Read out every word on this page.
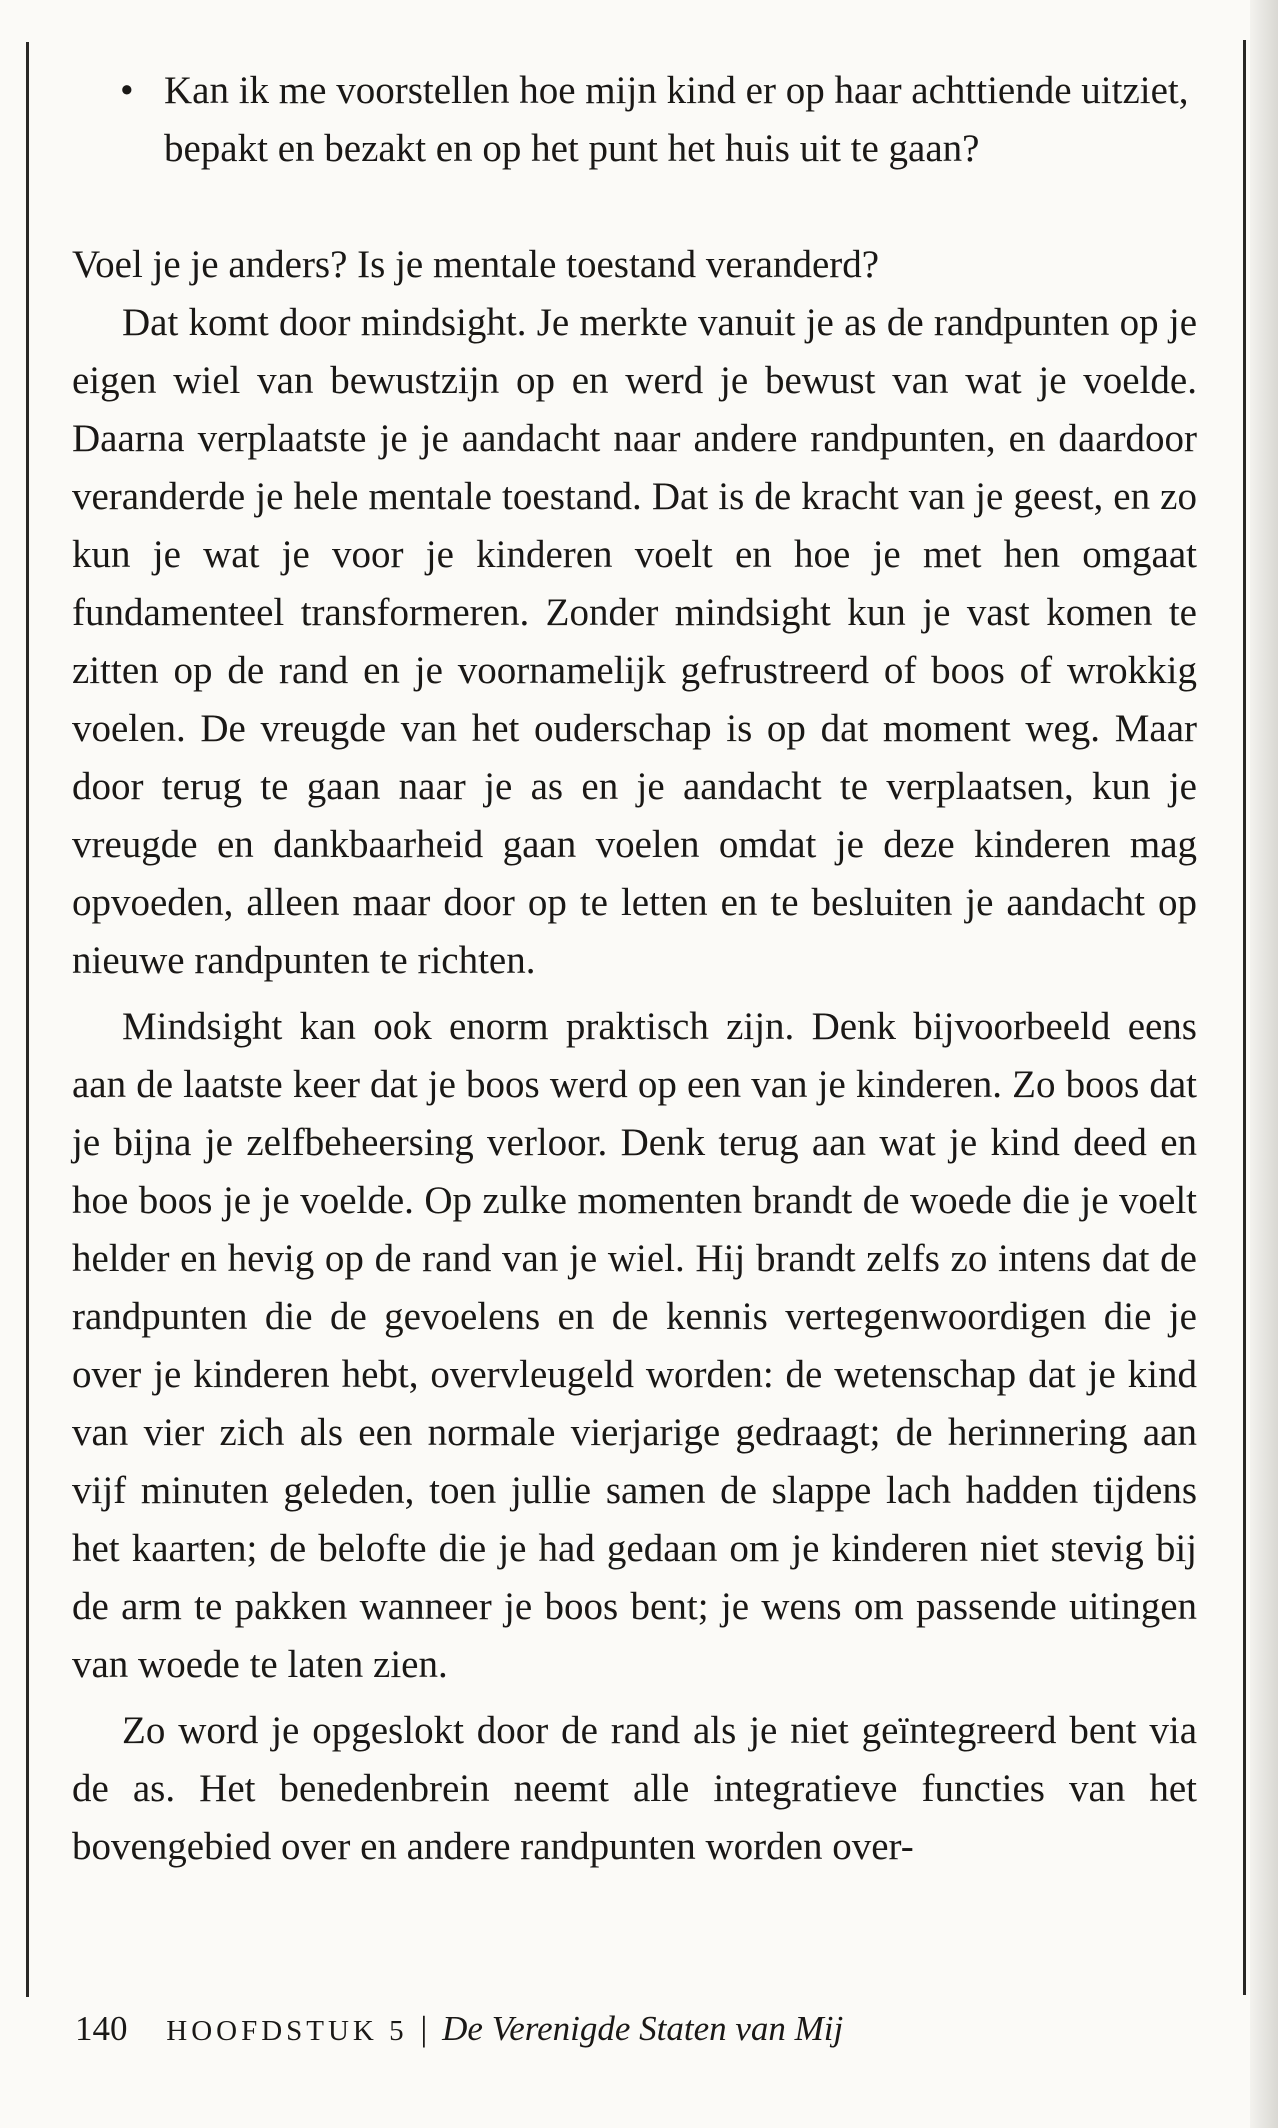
• Kan ik me voorstellen hoe mijn kind er op haar achttiende uitziet, bepakt en bezakt en op het punt het huis uit te gaan?

Voel je je anders? Is je mentale toestand veranderd?

Dat komt door mindsight. Je merkte vanuit je as de randpunten op je eigen wiel van bewustzijn op en werd je bewust van wat je voelde. Daarna verplaatste je je aandacht naar andere randpunten, en daardoor veranderde je hele mentale toestand. Dat is de kracht van je geest, en zo kun je wat je voor je kinderen voelt en hoe je met hen omgaat fundamenteel transformeren. Zonder mindsight kun je vast komen te zitten op de rand en je voornamelijk gefrustreerd of boos of wrokkig voelen. De vreugde van het ouderschap is op dat moment weg. Maar door terug te gaan naar je as en je aandacht te verplaatsen, kun je vreugde en dankbaarheid gaan voelen omdat je deze kinderen mag opvoeden, alleen maar door op te letten en te besluiten je aandacht op nieuwe randpunten te richten.

Mindsight kan ook enorm praktisch zijn. Denk bijvoorbeeld eens aan de laatste keer dat je boos werd op een van je kinderen. Zo boos dat je bijna je zelfbeheersing verloor. Denk terug aan wat je kind deed en hoe boos je je voelde. Op zulke momenten brandt de woede die je voelt helder en hevig op de rand van je wiel. Hij brandt zelfs zo intens dat de randpunten die de gevoelens en de kennis vertegenwoordigen die je over je kinderen hebt, overvleugeld worden: de wetenschap dat je kind van vier zich als een normale vierjarige gedraagt; de herinnering aan vijf minuten geleden, toen jullie samen de slappe lach hadden tijdens het kaarten; de belofte die je had gedaan om je kinderen niet stevig bij de arm te pakken wanneer je boos bent; je wens om passende uitingen van woede te laten zien.

Zo word je opgeslokt door de rand als je niet geïntegreerd bent via de as. Het benedenbrein neemt alle integratieve functies van het bovengebied over en andere randpunten worden over-

140 HOOFDSTUK 5 | De Verenigde Staten van Mij
